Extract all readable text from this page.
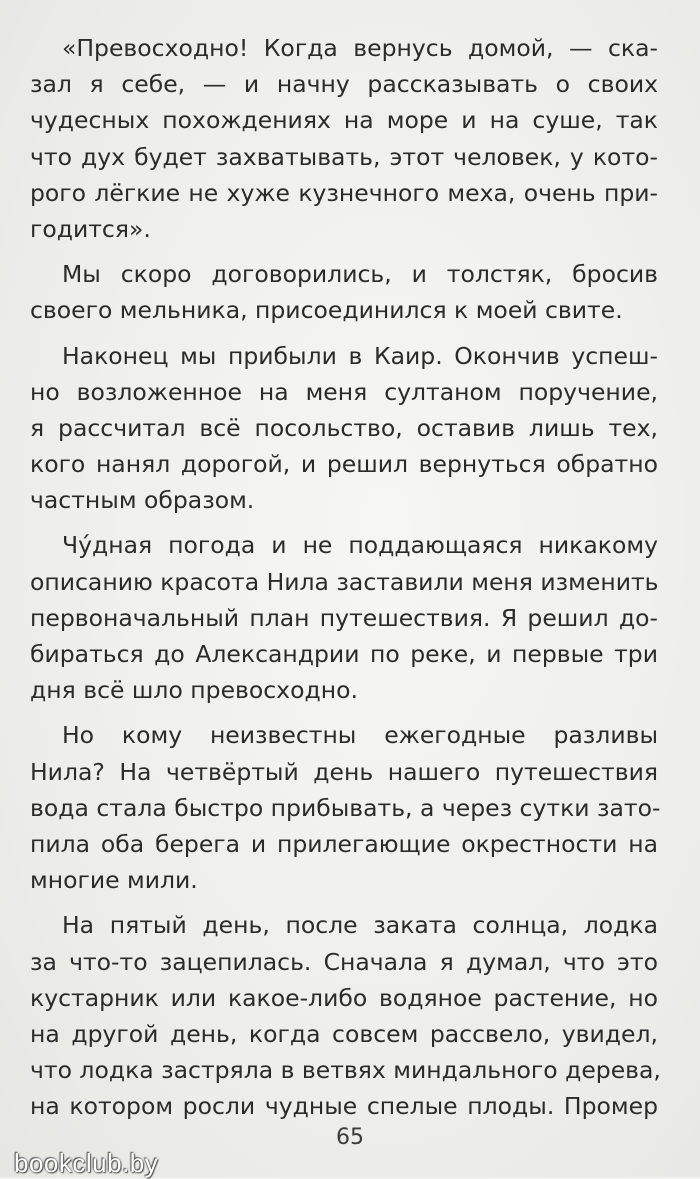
«Превосходно! Когда вернусь домой, — ска-
зал я себе, — и начну рассказывать о своих
чудесных похождениях на море и на суше, так
что дух будет захватывать, этот человек, у кото-
рого лёгкие не хуже кузнечного меха, очень при-
годится».
Мы скоро договорились, и толстяк, бросив
своего мельника, присоединился к моей свите.
Наконец мы прибыли в Каир. Окончив успеш-
но возложенное на меня султаном поручение,
я рассчитал всё посольство, оставив лишь тех,
кого нанял дорогой, и решил вернуться обратно
частным образом.
Чу́дная погода и не поддающаяся никакому
описанию красота Нила заставили меня изменить
первоначальный план путешествия. Я решил до-
бираться до Александрии по реке, и первые три
дня всё шло превосходно.
Но кому неизвестны ежегодные разливы
Нила? На четвёртый день нашего путешествия
вода стала быстро прибывать, а через сутки зато-
пила оба берега и прилегающие окрестности на
многие мили.
На пятый день, после заката солнца, лодка
за что-то зацепилась. Сначала я думал, что это
кустарник или какое-либо водяное растение, но
на другой день, когда совсем рассвело, увидел,
что лодка застряла в ветвях миндального дерева,
на котором росли чудные спелые плоды. Промер
65
bookclub.by
